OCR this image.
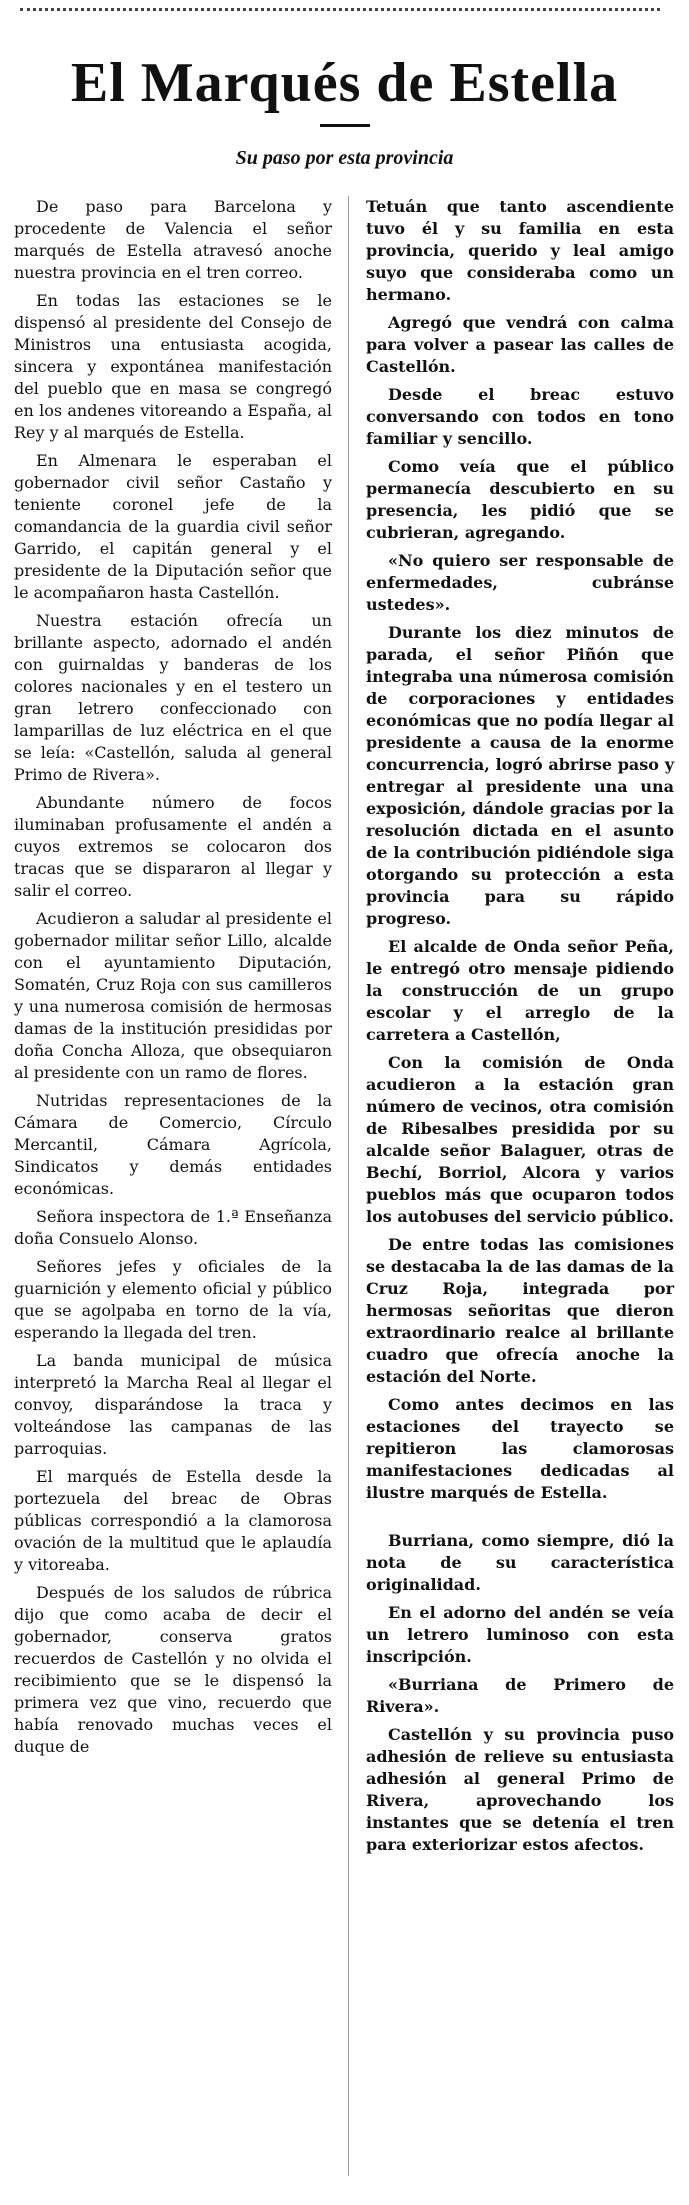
El Marqués de Estella
Su paso por esta provincia

De paso para Barcelona y procedente de Valencia el señor marqués de Estella atravesó anoche nuestra provincia en el tren correo.

En todas las estaciones se le dispensó al presidente del Consejo de Ministros una entusiasta acogida, sincera y expontánea manifestación del pueblo que en masa se congregó en los andenes vitoreando a España, al Rey y al marqués de Estella.

En Almenara le esperaban el gobernador civil señor Castaño y teniente coronel jefe de la comandancia de la guardia civil señor Garrido, el capitán general y el presidente de la Diputación señor que le acompañaron hasta Castellón.

Nuestra estación ofrecía un brillante aspecto, adornado el andén con guirnaldas y banderas de los colores nacionales y en el testero un gran letrero confeccionado con lamparillas de luz eléctrica en el que se leía: «Castellón, saluda al general Primo de Rivera».

Abundante número de focos iluminaban profusamente el andén a cuyos extremos se colocaron dos tracas que se dispararon al llegar y salir el correo.

Acudieron a saludar al presidente el gobernador militar señor Lillo, alcalde con el ayuntamiento Diputación, Somatén, Cruz Roja con sus camilleros y una numerosa comisión de hermosas damas de la institución presididas por doña Concha Alloza, que obsequiaron al presidente con un ramo de flores.

Nutridas representaciones de la Cámara de Comercio, Círculo Mercantil, Cámara Agrícola, Sindicatos y demás entidades económicas.

Señora inspectora de 1.ª Enseñanza doña Consuelo Alonso.

Señores jefes y oficiales de la guarnición y elemento oficial y público que se agolpaba en torno de la vía, esperando la llegada del tren.

La banda municipal de música interpretó la Marcha Real al llegar el convoy, disparándose la traca y volteándose las campanas de las parroquias.

El marqués de Estella desde la portezuela del breac de Obras públicas correspondió a la clamorosa ovación de la multitud que le aplaudía y vitoreaba.

Después de los saludos de rúbrica dijo que como acaba de decir el gobernador, conserva gratos recuerdos de Castellón y no olvida el recibimiento que se le dispensó la primera vez que vino, recuerdo que había renovado muchas veces el duque de

Tetuán que tanto ascendiente tuvo él y su familia en esta provincia, querido y leal amigo suyo que consideraba como un hermano.

Agregó que vendrá con calma para volver a pasear las calles de Castellón.

Desde el breac estuvo conversando con todos en tono familiar y sencillo.

Como veía que el público permanecía descubierto en su presencia, les pidió que se cubrieran, agregando.

«No quiero ser responsable de enfermedades, cubránse ustedes».

Durante los diez minutos de parada, el señor Piñón que integraba una númerosa comisión de corporaciones y entidades económicas que no podía llegar al presidente a causa de la enorme concurrencia, logró abrirse paso y entregar al presidente una una exposición, dándole gracias por la resolución dictada en el asunto de la contribución pidiéndole siga otorgando su protección a esta provincia para su rápido progreso.

El alcalde de Onda señor Peña, le entregó otro mensaje pidiendo la construcción de un grupo escolar y el arreglo de la carretera a Castellón,

Con la comisión de Onda acudieron a la estación gran número de vecinos, otra comisión de Ribesalbes presidida por su alcalde señor Balaguer, otras de Bechí, Borriol, Alcora y varios pueblos más que ocuparon todos los autobuses del servicio público.

De entre todas las comisiones se destacaba la de las damas de la Cruz Roja, integrada por hermosas señoritas que dieron extraordinario realce al brillante cuadro que ofrecía anoche la estación del Norte.

Como antes decimos en las estaciones del trayecto se repitieron las clamorosas manifestaciones dedicadas al ilustre marqués de Estella.

Burriana, como siempre, dió la nota de su característica originalidad.

En el adorno del andén se veía un letrero luminoso con esta inscripción.

«Burriana de Primero de Rivera».

Castellón y su provincia puso adhesión de relieve su entusiasta adhesión al general Primo de Rivera, aprovechando los instantes que se detenía el tren para exteriorizar estos afectos.
